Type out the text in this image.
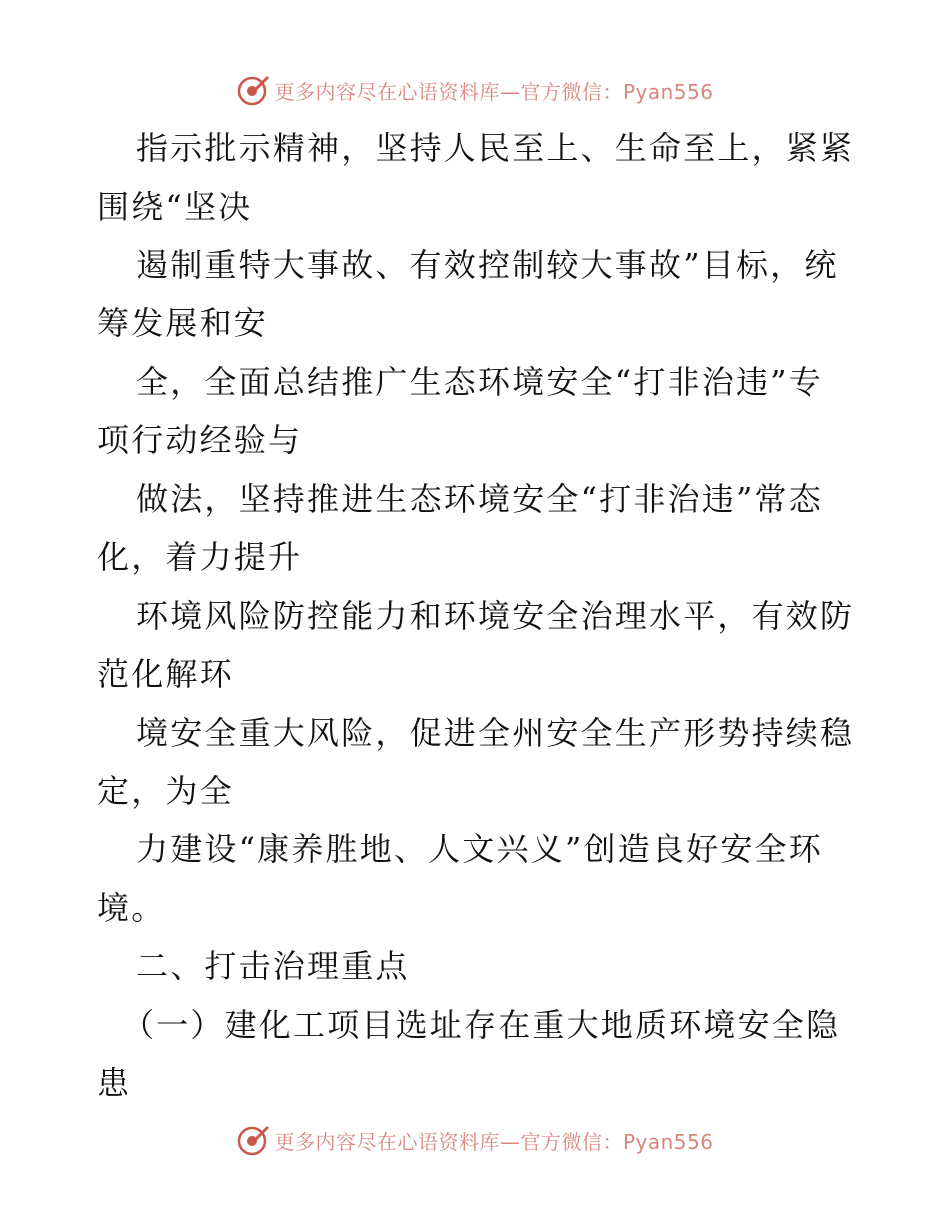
更多内容尽在心语资料库—官方微信：Pyan556
指示批示精神，坚持人民至上、生命至上，紧紧
围绕“坚决
遏制重特大事故、有效控制较大事故”目标，统
筹发展和安
全，全面总结推广生态环境安全“打非治违”专
项行动经验与
做法，坚持推进生态环境安全“打非治违”常态
化，着力提升
环境风险防控能力和环境安全治理水平，有效防
范化解环
境安全重大风险，促进全州安全生产形势持续稳
定，为全
力建设“康养胜地、人文兴义”创造良好安全环
境。
二、打击治理重点
（一）建化工项目选址存在重大地质环境安全隐
患
更多内容尽在心语资料库—官方微信：Pyan556
